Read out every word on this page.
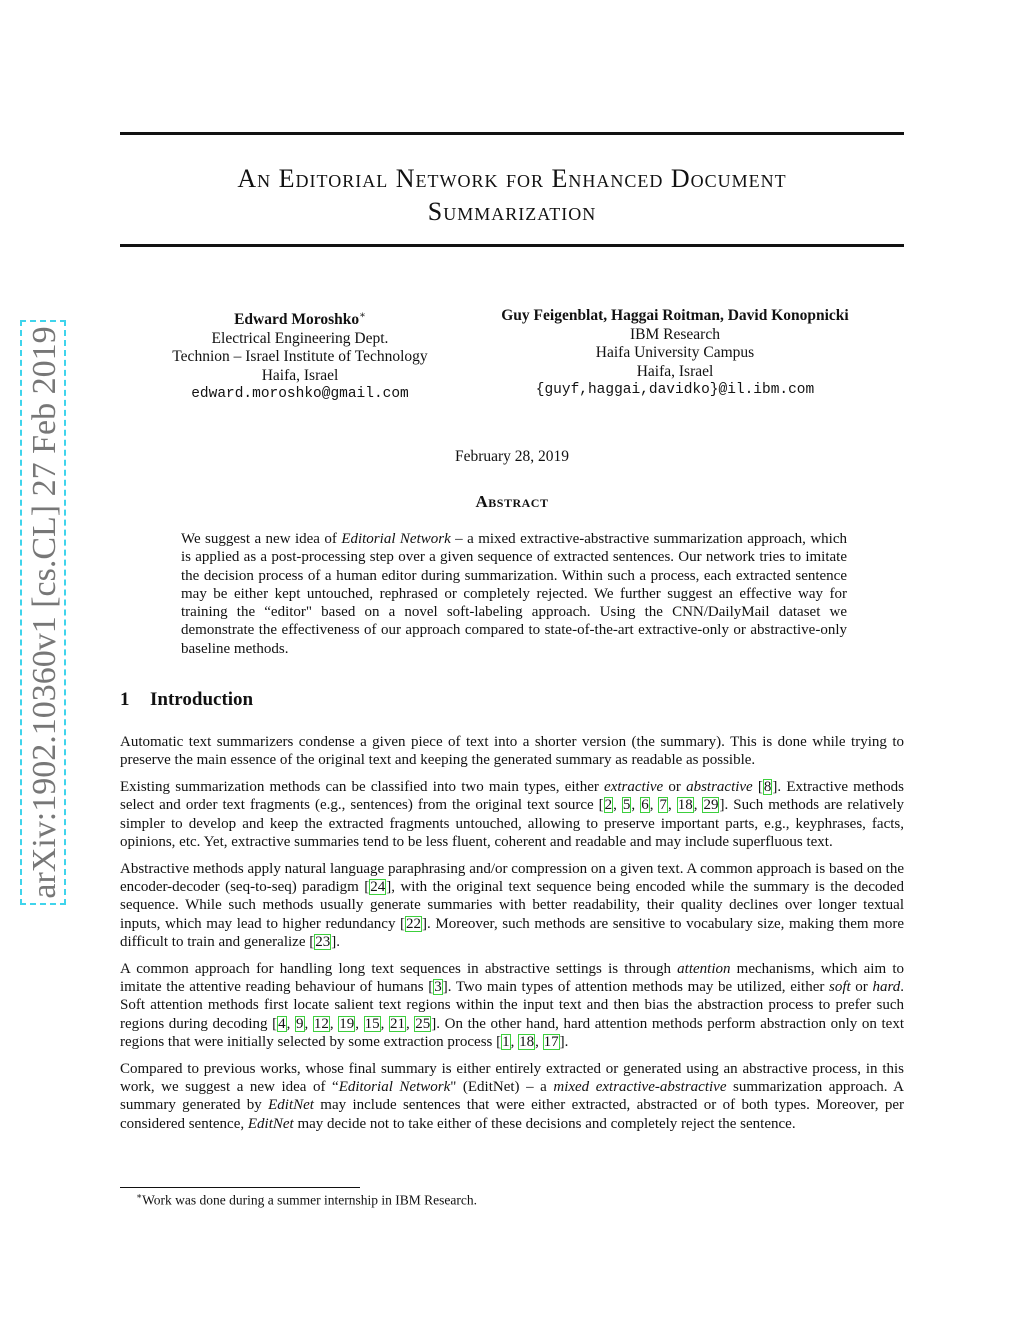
arXiv:1902.10360v1 [cs.CL] 27 Feb 2019
An Editorial Network for Enhanced Document
Summarization
Edward Moroshko∗
Electrical Engineering Dept.
Technion – Israel Institute of Technology
Haifa, Israel
edward.moroshko@gmail.com
Guy Feigenblat, Haggai Roitman, David Konopnicki
IBM Research
Haifa University Campus
Haifa, Israel
{guyf,haggai,davidko}@il.ibm.com
February 28, 2019
Abstract
We suggest a new idea of Editorial Network – a mixed extractive-abstractive summarization approach, which is applied as a post-processing step over a given sequence of extracted sentences. Our network tries to imitate the decision process of a human editor during summarization. Within such a process, each extracted sentence may be either kept untouched, rephrased or completely rejected. We further suggest an effective way for training the “editor" based on a novel soft-labeling approach. Using the CNN/DailyMail dataset we demonstrate the effectiveness of our approach compared to state-of-the-art extractive-only or abstractive-only baseline methods.
1 Introduction

Automatic text summarizers condense a given piece of text into a shorter version (the summary). This is done while trying to preserve the main essence of the original text and keeping the generated summary as readable as possible.

Existing summarization methods can be classified into two main types, either extractive or abstractive [8]. Extractive methods select and order text fragments (e.g., sentences) from the original text source [2, 5, 6, 7, 18, 29]. Such methods are relatively simpler to develop and keep the extracted fragments untouched, allowing to preserve important parts, e.g., keyphrases, facts, opinions, etc. Yet, extractive summaries tend to be less fluent, coherent and readable and may include superfluous text.

Abstractive methods apply natural language paraphrasing and/or compression on a given text. A common approach is based on the encoder-decoder (seq-to-seq) paradigm [24], with the original text sequence being encoded while the summary is the decoded sequence. While such methods usually generate summaries with better readability, their quality declines over longer textual inputs, which may lead to higher redundancy [22]. Moreover, such methods are sensitive to vocabulary size, making them more difficult to train and generalize [23].

A common approach for handling long text sequences in abstractive settings is through attention mechanisms, which aim to imitate the attentive reading behaviour of humans [3]. Two main types of attention methods may be utilized, either soft or hard. Soft attention methods first locate salient text regions within the input text and then bias the abstraction process to prefer such regions during decoding [4, 9, 12, 19, 15, 21, 25]. On the other hand, hard attention methods perform abstraction only on text regions that were initially selected by some extraction process [1, 18, 17].

Compared to previous works, whose final summary is either entirely extracted or generated using an abstractive process, in this work, we suggest a new idea of “Editorial Network" (EditNet) – a mixed extractive-abstractive summarization approach. A summary generated by EditNet may include sentences that were either extracted, abstracted or of both types. Moreover, per considered sentence, EditNet may decide not to take either of these decisions and completely reject the sentence.

∗Work was done during a summer internship in IBM Research.
